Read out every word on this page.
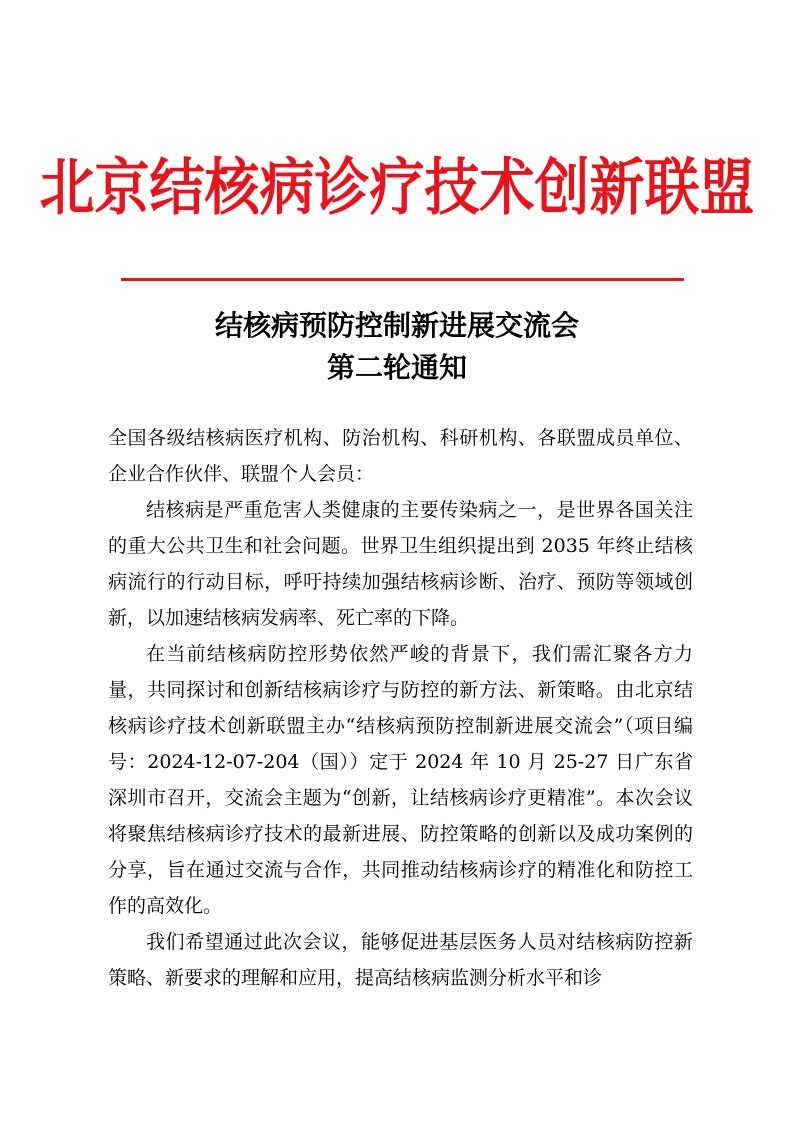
北京结核病诊疗技术创新联盟
结核病预防控制新进展交流会
第二轮通知

全国各级结核病医疗机构、防治机构、科研机构、各联盟成员单位、企业合作伙伴、联盟个人会员：

结核病是严重危害人类健康的主要传染病之一，是世界各国关注的重大公共卫生和社会问题。世界卫生组织提出到 2035 年终止结核病流行的行动目标，呼吁持续加强结核病诊断、治疗、预防等领域创新，以加速结核病发病率、死亡率的下降。

在当前结核病防控形势依然严峻的背景下，我们需汇聚各方力量，共同探讨和创新结核病诊疗与防控的新方法、新策略。由北京结核病诊疗技术创新联盟主办“结核病预防控制新进展交流会”（项目编号：2024-12-07-204（国））定于 2024 年 10 月 25-27 日广东省深圳市召开，交流会主题为“创新，让结核病诊疗更精准”。本次会议将聚焦结核病诊疗技术的最新进展、防控策略的创新以及成功案例的分享，旨在通过交流与合作，共同推动结核病诊疗的精准化和防控工作的高效化。

我们希望通过此次会议，能够促进基层医务人员对结核病防控新策略、新要求的理解和应用，提高结核病监测分析水平和诊
